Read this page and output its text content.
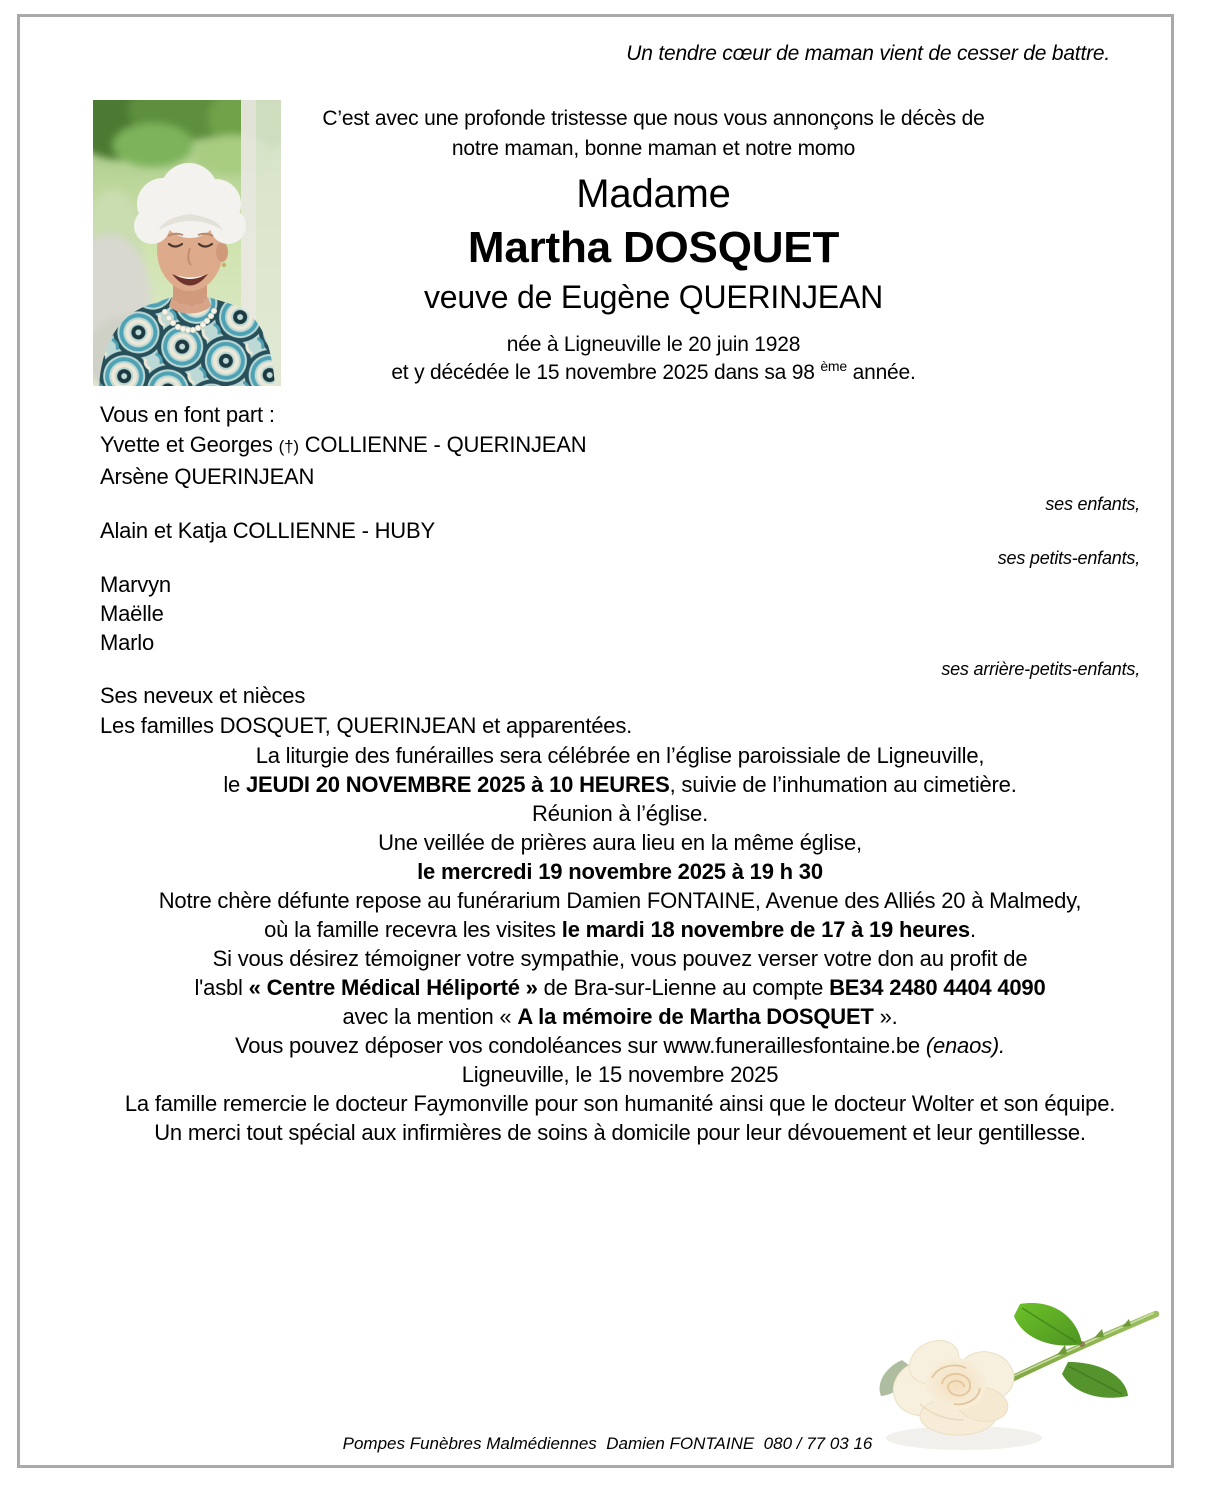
Un tendre cœur de maman vient de cesser de battre.
C’est avec une profonde tristesse que nous vous annonçons le décès de
notre maman, bonne maman et notre momo
Madame
Martha DOSQUET
veuve de Eugène QUERINJEAN
née à Ligneuville le 20 juin 1928
et y décédée le 15 novembre 2025 dans sa 98 $^{ème}$ année.

Vous en font part :

Yvette et Georges (†) COLLIENNE - QUERINJEAN
Arsène QUERINJEAN

ses enfants,

Alain et Katja COLLIENNE - HUBY

ses petits-enfants,

Marvyn
Maëlle
Marlo

ses arrière-petits-enfants,

Ses neveux et nièces

Les familles DOSQUET, QUERINJEAN et apparentées.

La liturgie des funérailles sera célébrée en l’église paroissiale de Ligneuville,
le JEUDI 20 NOVEMBRE 2025 à 10 HEURES, suivie de l’inhumation au cimetière.

Réunion à l’église.

Une veillée de prières aura lieu en la même église,
le mercredi 19 novembre 2025 à 19 h 30

Notre chère défunte repose au funérarium Damien FONTAINE, Avenue des Alliés 20 à Malmedy,
où la famille recevra les visites le mardi 18 novembre de 17 à 19 heures.

Si vous désirez témoigner votre sympathie, vous pouvez verser votre don au profit de
l'asbl « Centre Médical Héliporté » de Bra-sur-Lienne au compte BE34 2480 4404 4090
avec la mention « A la mémoire de Martha DOSQUET ».

Vous pouvez déposer vos condoléances sur www.funeraillesfontaine.be (enaos).

Ligneuville, le 15 novembre 2025

La famille remercie le docteur Faymonville pour son humanité ainsi que le docteur Wolter et son équipe.
Un merci tout spécial aux infirmières de soins à domicile pour leur dévouement et leur gentillesse.

Pompes Funèbres Malmédiennes  Damien FONTAINE  080 / 77 03 16
